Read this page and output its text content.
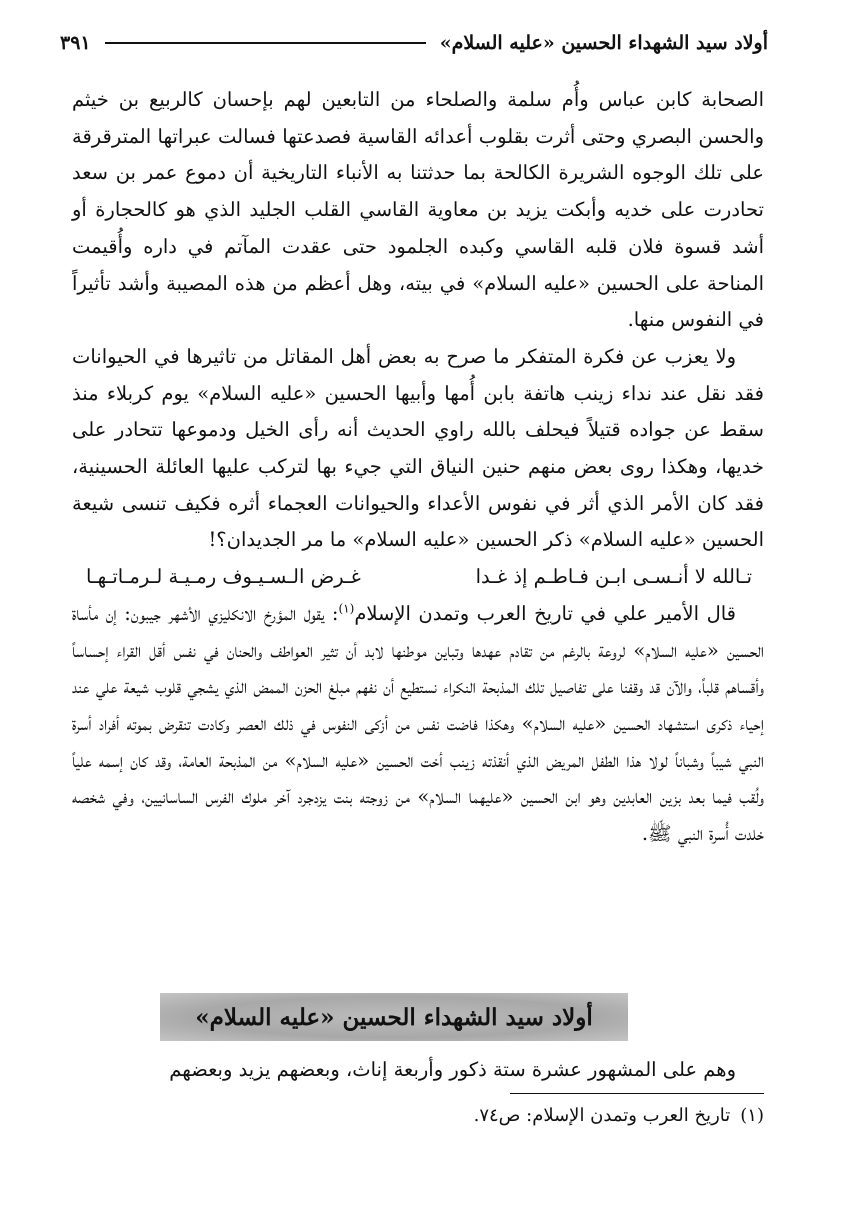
أولاد سيد الشهداء الحسين «عليه السلام»
٣٩١

الصحابة كابن عباس وأُم سلمة والصلحاء من التابعين لهم بإحسان كالربيع بن خيثم والحسن البصري وحتى أثرت بقلوب أعدائه القاسية فصدعتها فسالت عبراتها المترقرقة على تلك الوجوه الشريرة الكالحة بما حدثتنا به الأنباء التاريخية أن دموع عمر بن سعد تحادرت على خديه وأبكت يزيد بن معاوية القاسي القلب الجليد الذي هو كالحجارة أو أشد قسوة فلان قلبه القاسي وكبده الجلمود حتى عقدت المآتم في داره وأُقيمت المناحة على الحسين «عليه السلام» في بيته، وهل أعظم من هذه المصيبة وأشد تأثيراً في النفوس منها.

ولا يعزب عن فكرة المتفكر ما صرح به بعض أهل المقاتل من تاثيرها في الحيوانات فقد نقل عند نداء زينب هاتفة بابن أُمها وأبيها الحسين «عليه السلام» يوم كربلاء منذ سقط عن جواده قتيلاً فيحلف بالله راوي الحديث أنه رأى الخيل ودموعها تتحادر على خديها، وهكذا روى بعض منهم حنين النياق التي جيء بها لتركب عليها العائلة الحسينية، فقد كان الأمر الذي أثر في نفوس الأعداء والحيوانات العجماء أثره فكيف تنسى شيعة الحسين «عليه السلام» ذكر الحسين «عليه السلام» ما مر الجديدان؟!

تـالله لا أنـسـى ابـن فـاطـم إذ غـدا
غـرض الـسـيـوف رمـيـة لـرمـاتـهـا

قال الأمير علي في تاريخ العرب وتمدن الإسلام$^{(١)}$: يقول المؤرخ الانكليزي الأشهر جيبون: إن مأساة الحسين «عليه السلام» لروعة بالرغم من تقادم عهدها وتباين موطنها لابد أن تثير العواطف والحنان في نفس أقل القراء إحساساً وأقساهم قلباً، والآن قد وقفنا على تفاصيل تلك المذبحة النكراء نستطيع أن نفهم مبلغ الحزن الممض الذي يشجي قلوب شيعة علي عند إحياء ذكرى استشهاد الحسين «عليه السلام» وهكذا فاضت نفس من أزكى النفوس في ذلك العصر وكادت تنقرض بموته أفراد أسرة النبي شيباً وشباناً لولا هذا الطفل المريض الذي أنقذته زينب أخت الحسين «عليه السلام» من المذبحة العامة، وقد كان إسمه علياً ولُقب فيما بعد بزين العابدين وهو ابن الحسين «عليهما السلام» من زوجته بنت يزدجرد آخر ملوك الفرس الساسانيين، وفي شخصه خلدت أُسرة النبي ﷺ.

أولاد سيد الشهداء الحسين «عليه السلام»

وهم على المشهور عشرة ستة ذكور وأربعة إناث، وبعضهم يزيد وبعضهم

(١)تاريخ العرب وتمدن الإسلام: ص٧٤.
